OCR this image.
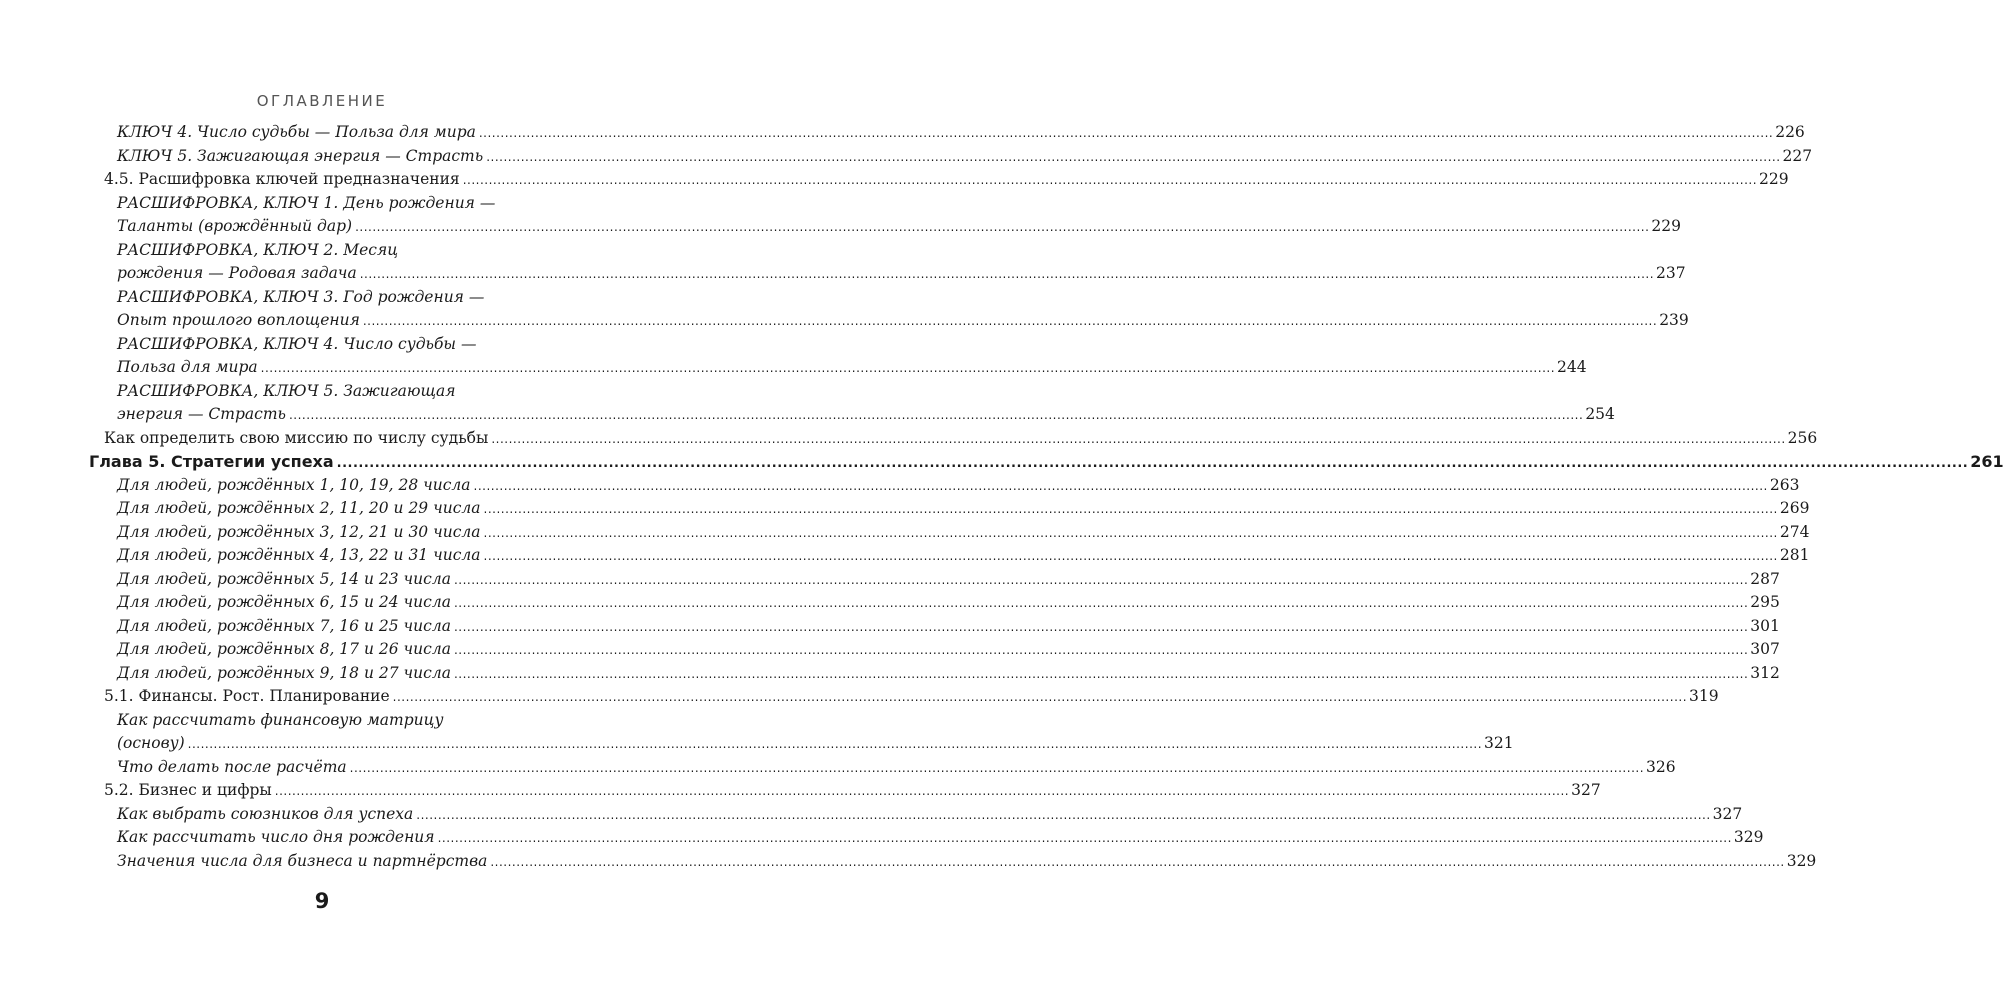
ОГЛАВЛЕНИЕ
КЛЮЧ 4. Число судьбы — Польза для мира ............................................................................................................................................................................................................................................................................................................ 226
КЛЮЧ 5. Зажигающая энергия — Страсть ............................................................................................................................................................................................................................................................................................................ 227
4.5. Расшифровка ключей предназначения ............................................................................................................................................................................................................................................................................................................ 229
РАСШИФРОВКА, КЛЮЧ 1. День рождения —
Таланты (врождённый дар) ............................................................................................................................................................................................................................................................................................................ 229
РАСШИФРОВКА, КЛЮЧ 2. Месяц
рождения — Родовая задача ............................................................................................................................................................................................................................................................................................................ 237
РАСШИФРОВКА, КЛЮЧ 3. Год рождения —
Опыт прошлого воплощения ............................................................................................................................................................................................................................................................................................................ 239
РАСШИФРОВКА, КЛЮЧ 4. Число судьбы —
Польза для мира ............................................................................................................................................................................................................................................................................................................ 244
РАСШИФРОВКА, КЛЮЧ 5. Зажигающая
энергия — Страсть ............................................................................................................................................................................................................................................................................................................ 254
Как определить свою миссию по числу судьбы ............................................................................................................................................................................................................................................................................................................ 256
Глава 5. Стратегии успеха ............................................................................................................................................................................................................................................................................................................ 261
Для людей, рождённых 1, 10, 19, 28 числа ............................................................................................................................................................................................................................................................................................................ 263
Для людей, рождённых 2, 11, 20 и 29 числа ............................................................................................................................................................................................................................................................................................................ 269
Для людей, рождённых 3, 12, 21 и 30 числа ............................................................................................................................................................................................................................................................................................................ 274
Для людей, рождённых 4, 13, 22 и 31 числа ............................................................................................................................................................................................................................................................................................................ 281
Для людей, рождённых 5, 14 и 23 числа ............................................................................................................................................................................................................................................................................................................ 287
Для людей, рождённых 6, 15 и 24 числа ............................................................................................................................................................................................................................................................................................................ 295
Для людей, рождённых 7, 16 и 25 числа ............................................................................................................................................................................................................................................................................................................ 301
Для людей, рождённых 8, 17 и 26 числа ............................................................................................................................................................................................................................................................................................................ 307
Для людей, рождённых 9, 18 и 27 числа ............................................................................................................................................................................................................................................................................................................ 312
5.1. Финансы. Рост. Планирование ............................................................................................................................................................................................................................................................................................................ 319
Как рассчитать финансовую матрицу
(основу) ............................................................................................................................................................................................................................................................................................................ 321
Что делать после расчёта ............................................................................................................................................................................................................................................................................................................ 326
5.2. Бизнес и цифры ............................................................................................................................................................................................................................................................................................................ 327
Как выбрать союзников для успеха ............................................................................................................................................................................................................................................................................................................ 327
Как рассчитать число дня рождения ............................................................................................................................................................................................................................................................................................................ 329
Значения числа для бизнеса и партнёрства ............................................................................................................................................................................................................................................................................................................ 329
9
